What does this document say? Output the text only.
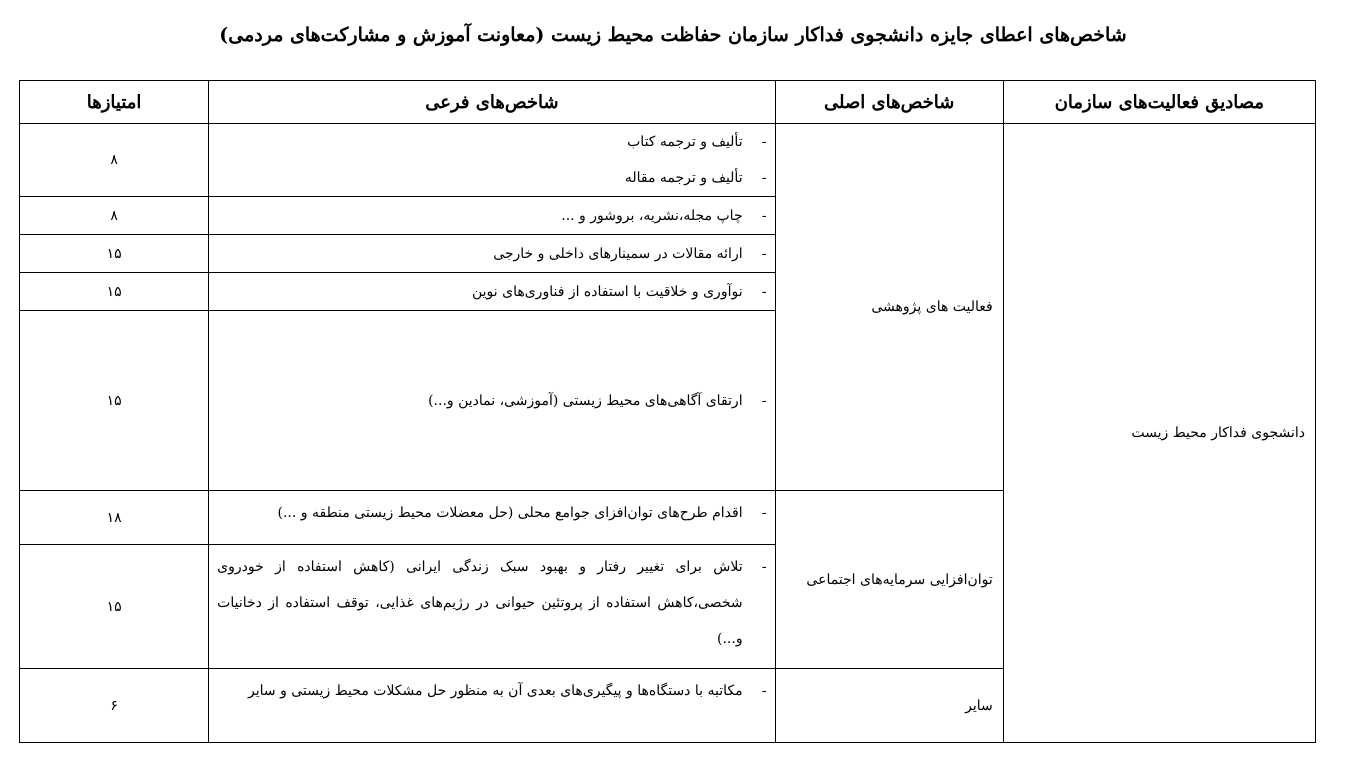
شاخص‌های اعطای جایزه دانشجوی فداکار سازمان حفاظت محیط زیست (معاونت آموزش و مشارکت‌های مردمی)
مصادیق فعالیت‌های سازمان	شاخص‌های اصلی	شاخص‌های فرعی	امتیازها
دانشجوی فداکار محیط زیست	فعالیت های پژوهشی	-
تألیف و ترجمه کتاب
-
تألیف و ترجمه مقاله	۸

		-
چاپ مجله،نشریه، بروشور و ...	۸

		-
ارائه مقالات در سمینارهای داخلی و خارجی	۱۵

		-
نوآوری و خلاقیت با استفاده از فناوری‌های نوین	۱۵

		-
ارتقای آگاهی‌های محیط زیستی (آموزشی، نمادین و...)	۱۵
	توان‌افزایی سرمایه‌های اجتماعی	-
اقدام طرح‌های توان‌افزای جوامع محلی (حل معضلات محیط زیستی منطقه و ...)	۱۸

		-
تلاش برای تغییر رفتار و بهبود سبک زندگی ایرانی (کاهش استفاده از خودروی شخصی،کاهش استفاده از پروتئین حیوانی در رژیم‌های غذایی، توقف استفاده از دخانیات و...)	۱۵
	سایر	-
مکاتبه با دستگاه‌ها و پیگیری‌های بعدی آن به منظور حل مشکلات محیط زیستی و سایر	۶
